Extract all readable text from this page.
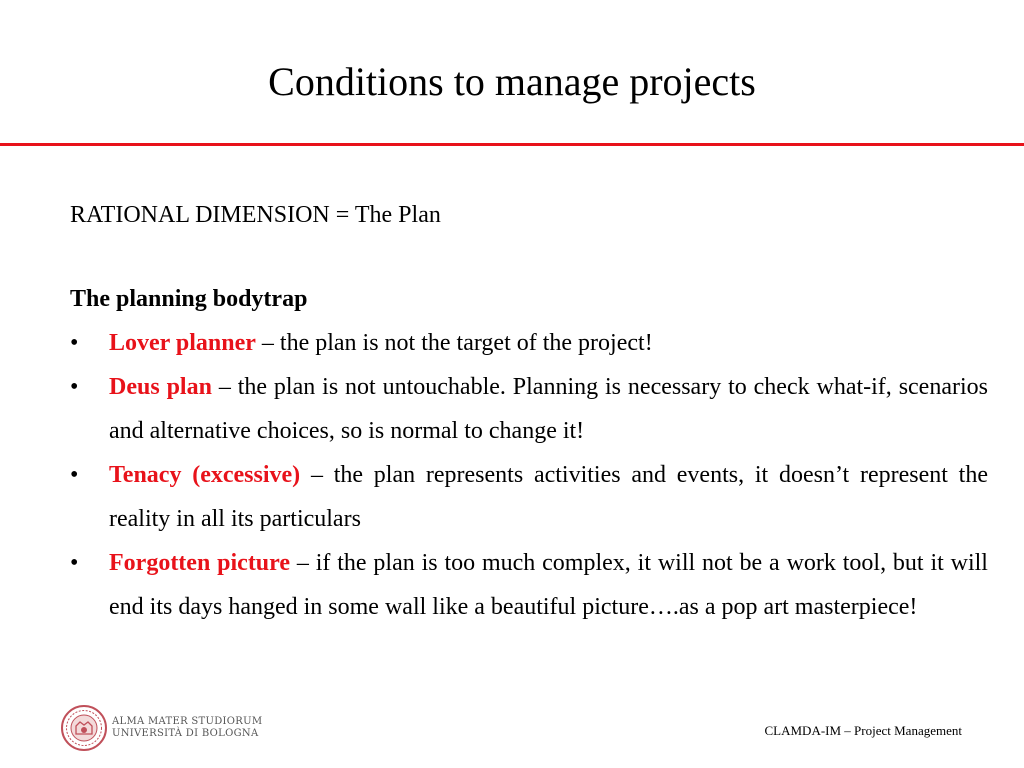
Conditions to manage projects

RATIONAL DIMENSION = The Plan

The planning bodytrap

•	Lover planner – the plan is not the target of the project!
•	Deus plan – the plan is not untouchable. Planning is necessary to check what-if, scenarios and alternative choices, so is normal to change it!
•	Tenacy (excessive) – the plan represents activities and events, it doesn’t represent the reality in all its particulars
•	Forgotten picture – if the plan is too much complex, it will not be a work tool, but it will end its days hanged in some wall like a beautiful picture….as a pop art masterpiece!
ALMA MATER STUDIORUM
UNIVERSITÀ DI BOLOGNA	CLAMDA-IM – Project Management
